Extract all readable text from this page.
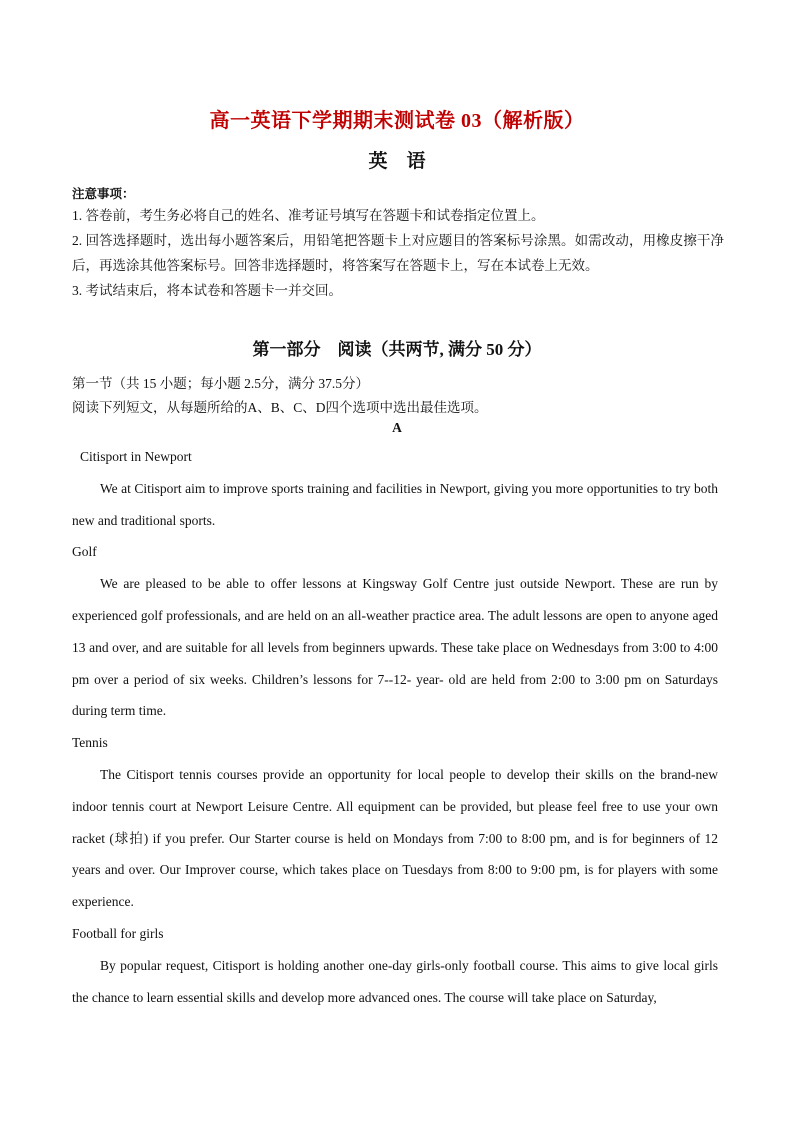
高一英语下学期期末测试卷 03（解析版）
英　语
注意事项：
1. 答卷前，考生务必将自己的姓名、准考证号填写在答题卡和试卷指定位置上。
2. 回答选择题时，选出每小题答案后，用铅笔把答题卡上对应题目的答案标号涂黑。如需改动，用橡皮擦干净后，再选涂其他答案标号。回答非选择题时，将答案写在答题卡上，写在本试卷上无效。
3. 考试结束后，将本试卷和答题卡一并交回。
第一部分　阅读（共两节, 满分 50 分）
第一节（共 15 小题；每小题 2.5分，满分 37.5分）
阅读下列短文，从每题所给的A、B、C、D四个选项中选出最佳选项。
A

Citisport in Newport

We at Citisport aim to improve sports training and facilities in Newport, giving you more opportunities to try both new and traditional sports.

Golf

We are pleased to be able to offer lessons at Kingsway Golf Centre just outside Newport. These are run by experienced golf professionals, and are held on an all-weather practice area. The adult lessons are open to anyone aged 13 and over, and are suitable for all levels from beginners upwards. These take place on Wednesdays from 3:00 to 4:00 pm over a period of six weeks. Children’s lessons for 7--12- year- old are held from 2:00 to 3:00 pm on Saturdays during term time.

Tennis

The Citisport tennis courses provide an opportunity for local people to develop their skills on the brand-new indoor tennis court at Newport Leisure Centre. All equipment can be provided, but please feel free to use your own racket (球拍) if you prefer. Our Starter course is held on Mondays from 7:00 to 8:00 pm, and is for beginners of 12 years and over. Our Improver course, which takes place on Tuesdays from 8:00 to 9:00 pm, is for players with some experience.

Football for girls

By popular request, Citisport is holding another one-day girls-only football course. This aims to give local girls the chance to learn essential skills and develop more advanced ones. The course will take place on Saturday,
